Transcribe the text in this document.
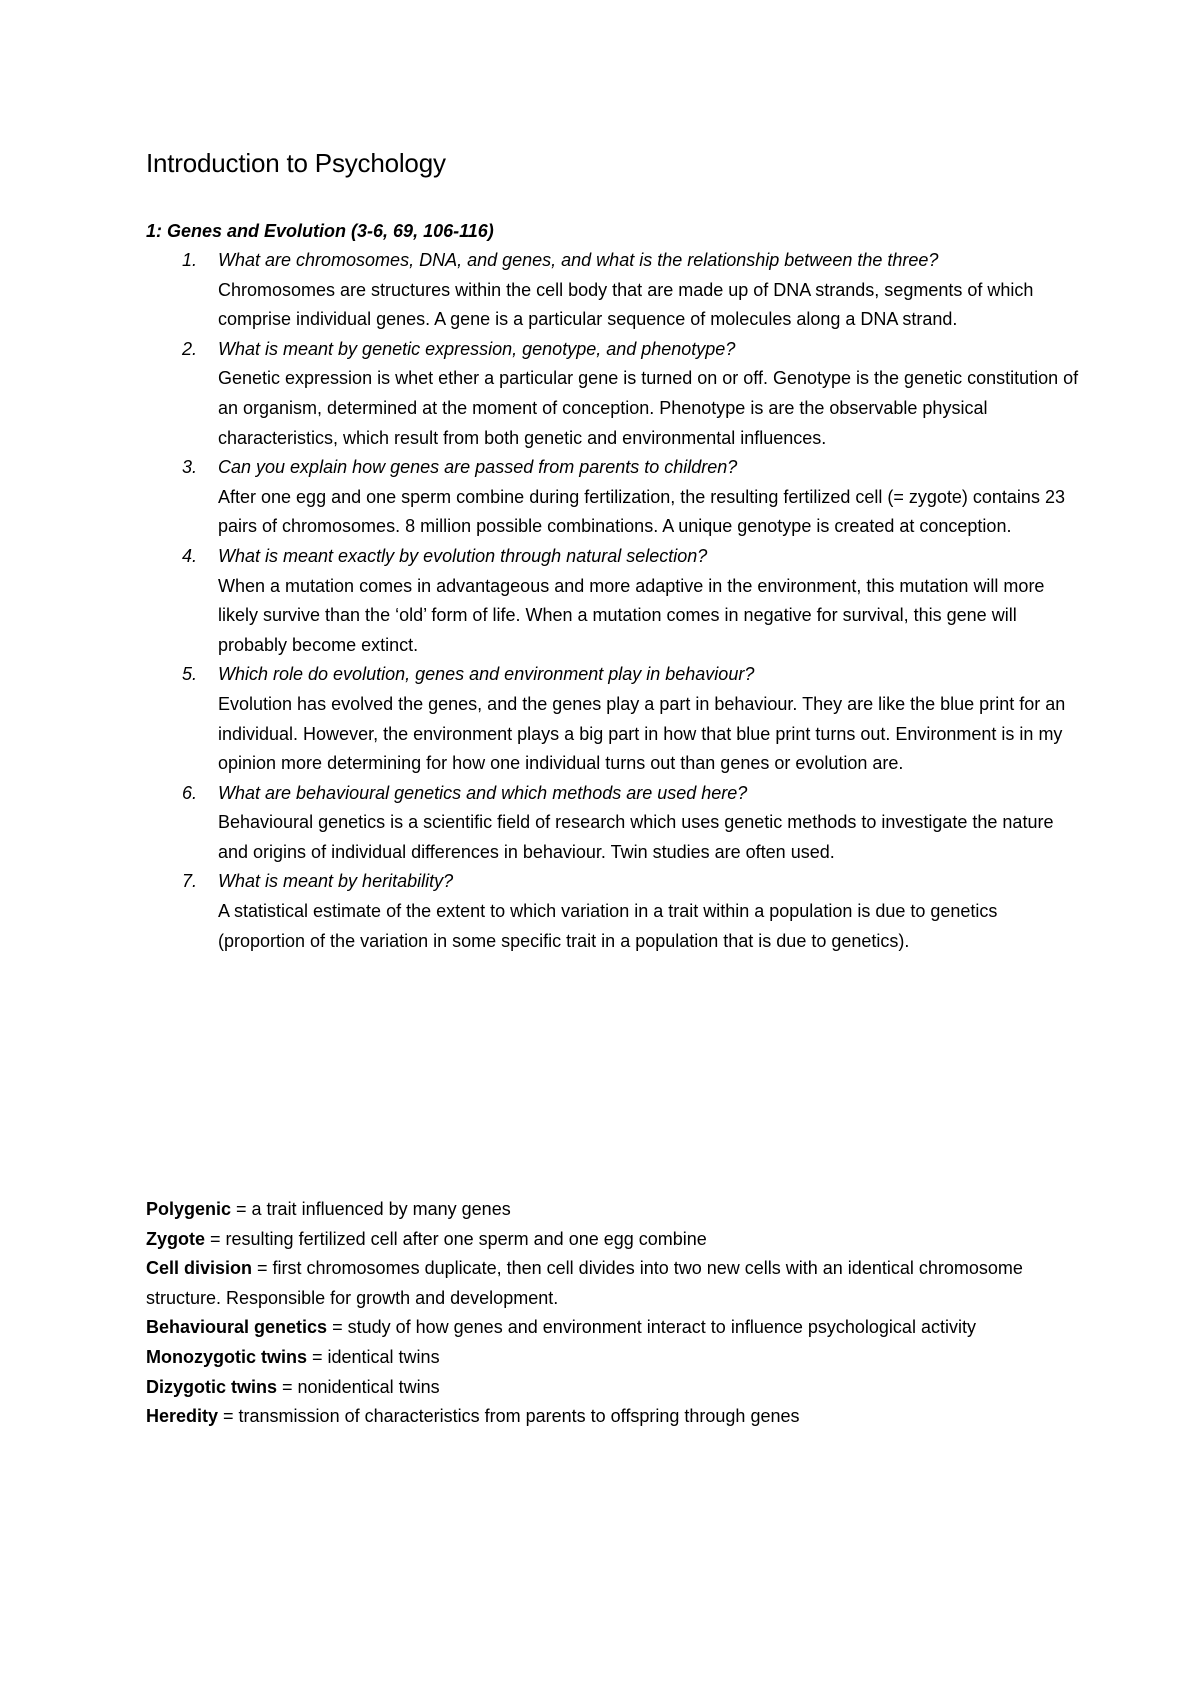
Introduction to Psychology

1: Genes and Evolution (3-6, 69, 106-116)

1. What are chromosomes, DNA, and genes, and what is the relationship between the three?
Chromosomes are structures within the cell body that are made up of DNA strands, segments of which comprise individual genes. A gene is a particular sequence of molecules along a DNA strand.
2. What is meant by genetic expression, genotype, and phenotype?
Genetic expression is whet ether a particular gene is turned on or off. Genotype is the genetic constitution of an organism, determined at the moment of conception. Phenotype is are the observable physical characteristics, which result from both genetic and environmental influences.
3. Can you explain how genes are passed from parents to children?
After one egg and one sperm combine during fertilization, the resulting fertilized cell (= zygote) contains 23 pairs of chromosomes. 8 million possible combinations. A unique genotype is created at conception.
4. What is meant exactly by evolution through natural selection?
When a mutation comes in advantageous and more adaptive in the environment, this mutation will more likely survive than the ‘old’ form of life. When a mutation comes in negative for survival, this gene will probably become extinct.
5. Which role do evolution, genes and environment play in behaviour?
Evolution has evolved the genes, and the genes play a part in behaviour. They are like the blue print for an individual. However, the environment plays a big part in how that blue print turns out. Environment is in my opinion more determining for how one individual turns out than genes or evolution are.
6. What are behavioural genetics and which methods are used here?
Behavioural genetics is a scientific field of research which uses genetic methods to investigate the nature and origins of individual differences in behaviour. Twin studies are often used.
7. What is meant by heritability?
A statistical estimate of the extent to which variation in a trait within a population is due to genetics (proportion of the variation in some specific trait in a population that is due to genetics).

Polygenic = a trait influenced by many genes

Zygote = resulting fertilized cell after one sperm and one egg combine

Cell division = first chromosomes duplicate, then cell divides into two new cells with an identical chromosome structure. Responsible for growth and development.

Behavioural genetics = study of how genes and environment interact to influence psychological activity

Monozygotic twins = identical twins

Dizygotic twins = nonidentical twins

Heredity = transmission of characteristics from parents to offspring through genes
